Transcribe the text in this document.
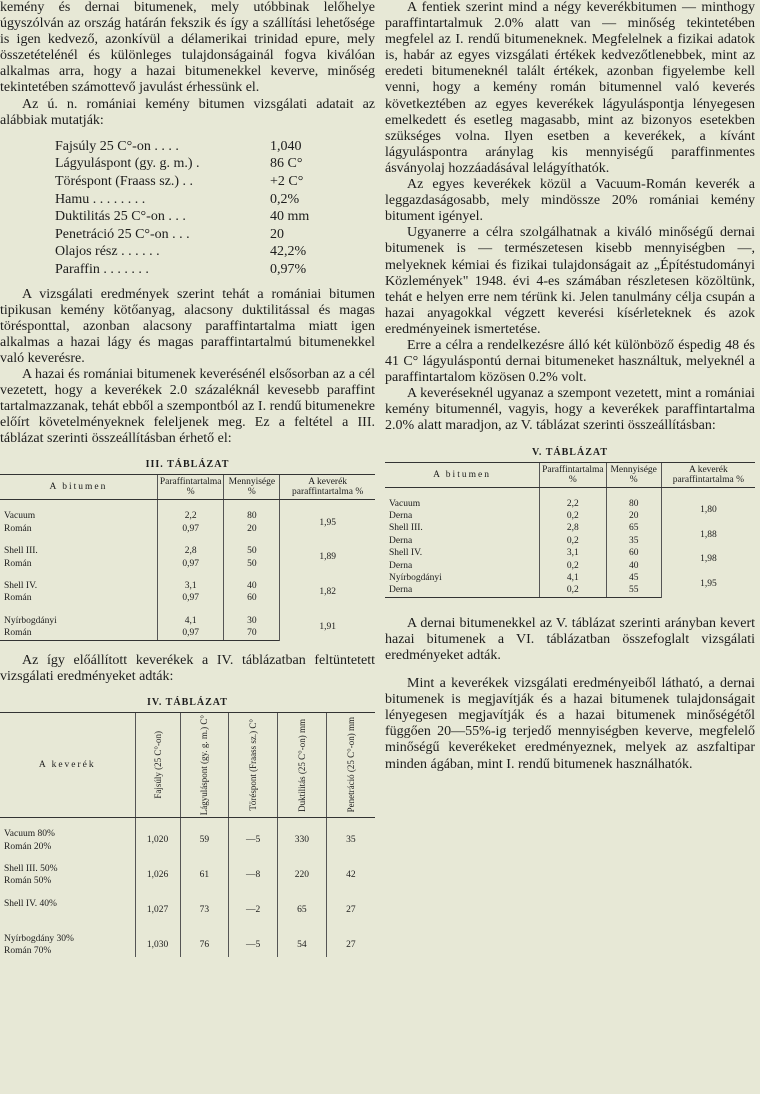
kemény és dernai bitumenek, mely utóbbinak lelőhelye úgyszólván az ország határán fekszik és így a szállítási lehetősége is igen kedvező, azonkívül a délamerikai trinidad epure, mely összetételénél és különleges tulajdonságainál fogva kiválóan alkalmas arra, hogy a hazai bitumenekkel keverve, minőség tekintetében számottevő javulást érhessünk el.

Az ú. n. romániai kemény bitumen vizsgálati adatait az alábbiak mutatják:

Fajsúly 25 C°-on . . . .	1,040
Lágyuláspont (gy. g. m.) .	86 C°
Töréspont (Fraass sz.) . .	+2 C°
Hamu . . . . . . . .	0,2%
Duktilitás 25 C°-on . . .	40 mm
Penetráció 25 C°-on . . .	20
Olajos rész . . . . . .	42,2%
Paraffin . . . . . . .	0,97%

A vizsgálati eredmények szerint tehát a romániai bitumen tipikusan kemény kötőanyag, alacsony duktilitással és magas törésponttal, azonban alacsony paraffintartalma miatt igen alkalmas a hazai lágy és magas paraffintartalmú bitumenekkel való keverésre.

A hazai és romániai bitumenek keverésénél elsősorban az a cél vezetett, hogy a keverékek 2.0 százaléknál kevesebb paraffint tartalmazzanak, tehát ebből a szempontból az I. rendű bitumenekre előírt követelményeknek feleljenek meg. Ez a feltétel a III. táblázat szerinti összeállításban érhető el:

III. TÁBLÁZAT
A bitumen	Paraffintartalma %	Mennyisége %	A keverék paraffintartalma %

Vacuum	2,2	80	1,95
Román	0,97	20	

Shell III.	2,8	50	1,89
Román	0,97	50	

Shell IV.	3,1	40	1,82
Román	0,97	60	

Nyírbogdányi	4,1	30	1,91
Román	0,97	70	

Az így előállított keverékek a IV. táblázatban feltüntetett vizsgálati eredményeket adták:

IV. TÁBLÁZAT
A keverék	Fajsúly (25 C°-on)	Lágyuláspont (gy. g. m.) C°	Töréspont (Fraass sz.) C°	Duktilitás (25 C°-on) mm	Penetráció (25 C°-on) mm

Vacuum 80%	1,020	59	—5	330	35
Román 20%					

Shell III. 50%	1,026	61	—8	220	42
Román 50%					

Shell IV. 40%	1,027	73	—2	65	27

Nyírbogdány 30%	1,030	76	—5	54	27
Román 70%					

A fentiek szerint mind a négy keverékbitumen — minthogy paraffintartalmuk 2.0% alatt van — minőség tekintetében megfelel az I. rendű bitumeneknek. Megfelelnek a fizikai adatok is, habár az egyes vizsgálati értékek kedvezőtlenebbek, mint az eredeti bitumeneknél talált értékek, azonban figyelembe kell venni, hogy a kemény román bitumennel való keverés következtében az egyes keverékek lágyuláspontja lényegesen emelkedett és esetleg magasabb, mint az bizonyos esetekben szükséges volna. Ilyen esetben a keverékek, a kívánt lágyuláspontra aránylag kis mennyiségű paraffinmentes ásványolaj hozzáadásával lelágyíthatók.

Az egyes keverékek közül a Vacuum-Román keverék a leggazdaságosabb, mely mindössze 20% romániai kemény bitument igényel.

Ugyanerre a célra szolgálhatnak a kiváló minőségű dernai bitumenek is — természetesen kisebb mennyiségben —, melyeknek kémiai és fizikai tulajdonságait az „Építéstudományi Közlemények" 1948. évi 4-es számában részletesen közöltünk, tehát e helyen erre nem térünk ki. Jelen tanulmány célja csupán a hazai anyagokkal végzett keverési kísérleteknek és azok eredményeinek ismertetése.

Erre a célra a rendelkezésre álló két különböző éspedig 48 és 41 C° lágyuláspontú dernai bitumeneket használtuk, melyeknél a paraffintartalom közösen 0.2% volt.

A keveréseknél ugyanaz a szempont vezetett, mint a romániai kemény bitumennél, vagyis, hogy a keverékek paraffintartalma 2.0% alatt maradjon, az V. táblázat szerinti összeállításban:

V. TÁBLÁZAT
A bitumen	Paraffintartalma %	Mennyisége %	A keverék paraffintartalma %

Vacuum	2,2	80	1,80
Derna	0,2	20	
Shell III.	2,8	65	1,88
Derna	0,2	35	
Shell IV.	3,1	60	1,98
Derna	0,2	40	
Nyírbogdányi	4,1	45	1,95
Derna	0,2	55	

A dernai bitumenekkel az V. táblázat szerinti arányban kevert hazai bitumenek a VI. táblázatban összefoglalt vizsgálati eredményeket adták.

Mint a keverékek vizsgálati eredményeiből látható, a dernai bitumenek is megjavítják és a hazai bitumenek tulajdonságait lényegesen megjavítják és a hazai bitumenek minőségétől függően 20—55%-ig terjedő mennyiségben keverve, megfelelő minőségű keverékeket eredményeznek, melyek az aszfaltipar minden ágában, mint I. rendű bitumenek használhatók.
